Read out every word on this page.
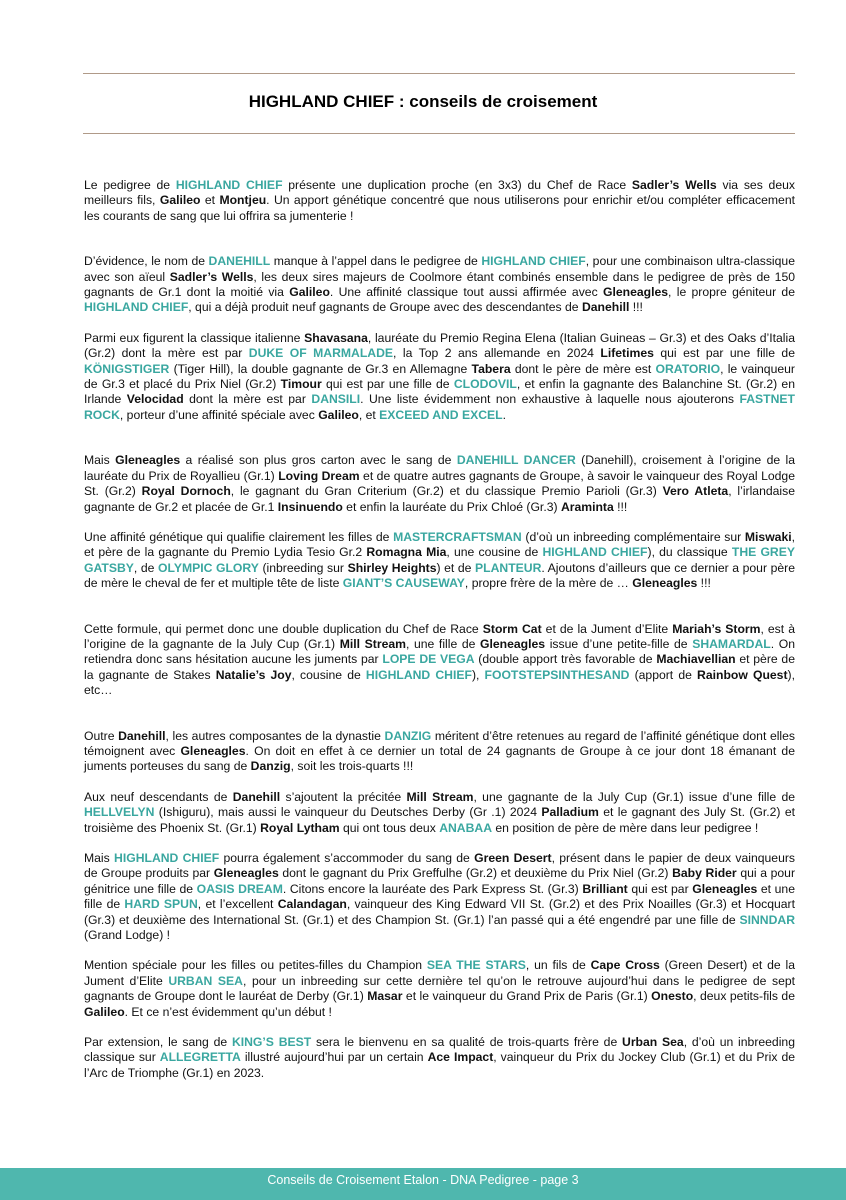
HIGHLAND CHIEF : conseils de croisement

Le pedigree de HIGHLAND CHIEF présente une duplication proche (en 3x3) du Chef de Race Sadler’s Wells via ses deux meilleurs fils, Galileo et Montjeu. Un apport génétique concentré que nous utiliserons pour enrichir et/ou compléter efficacement les courants de sang que lui offrira sa jumenterie !

D’évidence, le nom de DANEHILL manque à l’appel dans le pedigree de HIGHLAND CHIEF, pour une combinaison ultra-classique avec son aïeul Sadler’s Wells, les deux sires majeurs de Coolmore étant combinés ensemble dans le pedigree de près de 150 gagnants de Gr.1 dont la moitié via Galileo. Une affinité classique tout aussi affirmée avec Gleneagles, le propre géniteur de HIGHLAND CHIEF, qui a déjà produit neuf gagnants de Groupe avec des descendantes de Danehill !!!

Parmi eux figurent la classique italienne Shavasana, lauréate du Premio Regina Elena (Italian Guineas – Gr.3) et des Oaks d’Italia (Gr.2) dont la mère est par DUKE OF MARMALADE, la Top 2 ans allemande en 2024 Lifetimes qui est par une fille de KÖNIGSTIGER (Tiger Hill), la double gagnante de Gr.3 en Allemagne Tabera dont le père de mère est ORATORIO, le vainqueur de Gr.3 et placé du Prix Niel (Gr.2) Timour qui est par une fille de CLODOVIL, et enfin la gagnante des Balanchine St. (Gr.2) en Irlande Velocidad dont la mère est par DANSILI. Une liste évidemment non exhaustive à laquelle nous ajouterons FASTNET ROCK, porteur d’une affinité spéciale avec Galileo, et EXCEED AND EXCEL.

Mais Gleneagles a réalisé son plus gros carton avec le sang de DANEHILL DANCER (Danehill), croisement à l’origine de la lauréate du Prix de Royallieu (Gr.1) Loving Dream et de quatre autres gagnants de Groupe, à savoir le vainqueur des Royal Lodge St. (Gr.2) Royal Dornoch, le gagnant du Gran Criterium (Gr.2) et du classique Premio Parioli (Gr.3) Vero Atleta, l’irlandaise gagnante de Gr.2 et placée de Gr.1 Insinuendo et enfin la lauréate du Prix Chloé (Gr.3) Araminta !!!

Une affinité génétique qui qualifie clairement les filles de MASTERCRAFTSMAN (d’où un inbreeding complémentaire sur Miswaki, et père de la gagnante du Premio Lydia Tesio Gr.2 Romagna Mia, une cousine de HIGHLAND CHIEF), du classique THE GREY GATSBY, de OLYMPIC GLORY (inbreeding sur Shirley Heights) et de PLANTEUR. Ajoutons d’ailleurs que ce dernier a pour père de mère le cheval de fer et multiple tête de liste GIANT’S CAUSEWAY, propre frère de la mère de … Gleneagles !!!

Cette formule, qui permet donc une double duplication du Chef de Race Storm Cat et de la Jument d’Elite Mariah’s Storm, est à l’origine de la gagnante de la July Cup (Gr.1) Mill Stream, une fille de Gleneagles issue d’une petite-fille de SHAMARDAL. On retiendra donc sans hésitation aucune les juments par LOPE DE VEGA (double apport très favorable de Machiavellian et père de la gagnante de Stakes Natalie’s Joy, cousine de HIGHLAND CHIEF), FOOTSTEPSINTHESAND (apport de Rainbow Quest), etc…

Outre Danehill, les autres composantes de la dynastie DANZIG méritent d’être retenues au regard de l’affinité génétique dont elles témoignent avec Gleneagles. On doit en effet à ce dernier un total de 24 gagnants de Groupe à ce jour dont 18 émanant de juments porteuses du sang de Danzig, soit les trois-quarts !!!

Aux neuf descendants de Danehill s’ajoutent la précitée Mill Stream, une gagnante de la July Cup (Gr.1) issue d’une fille de HELLVELYN (Ishiguru), mais aussi le vainqueur du Deutsches Derby (Gr .1) 2024 Palladium et le gagnant des July St. (Gr.2) et troisième des Phoenix St. (Gr.1) Royal Lytham qui ont tous deux ANABAA en position de père de mère dans leur pedigree !

Mais HIGHLAND CHIEF pourra également s’accommoder du sang de Green Desert, présent dans le papier de deux vainqueurs de Groupe produits par Gleneagles dont le gagnant du Prix Greffulhe (Gr.2) et deuxième du Prix Niel (Gr.2) Baby Rider qui a pour génitrice une fille de OASIS DREAM. Citons encore la lauréate des Park Express St. (Gr.3) Brilliant qui est par Gleneagles et une fille de HARD SPUN, et l’excellent Calandagan, vainqueur des King Edward VII St. (Gr.2) et des Prix Noailles (Gr.3) et Hocquart (Gr.3) et deuxième des International St. (Gr.1) et des Champion St. (Gr.1) l’an passé qui a été engendré par une fille de SINNDAR (Grand Lodge) !

Mention spéciale pour les filles ou petites-filles du Champion SEA THE STARS, un fils de Cape Cross (Green Desert) et de la Jument d’Elite URBAN SEA, pour un inbreeding sur cette dernière tel qu’on le retrouve aujourd’hui dans le pedigree de sept gagnants de Groupe dont le lauréat de Derby (Gr.1) Masar et le vainqueur du Grand Prix de Paris (Gr.1) Onesto, deux petits-fils de Galileo. Et ce n’est évidemment qu’un début !

Par extension, le sang de KING’S BEST sera le bienvenu en sa qualité de trois-quarts frère de Urban Sea, d’où un inbreeding classique sur ALLEGRETTA illustré aujourd’hui par un certain Ace Impact, vainqueur du Prix du Jockey Club (Gr.1) et du Prix de l’Arc de Triomphe (Gr.1) en 2023.

Conseils de Croisement Etalon - DNA Pedigree - page 3
